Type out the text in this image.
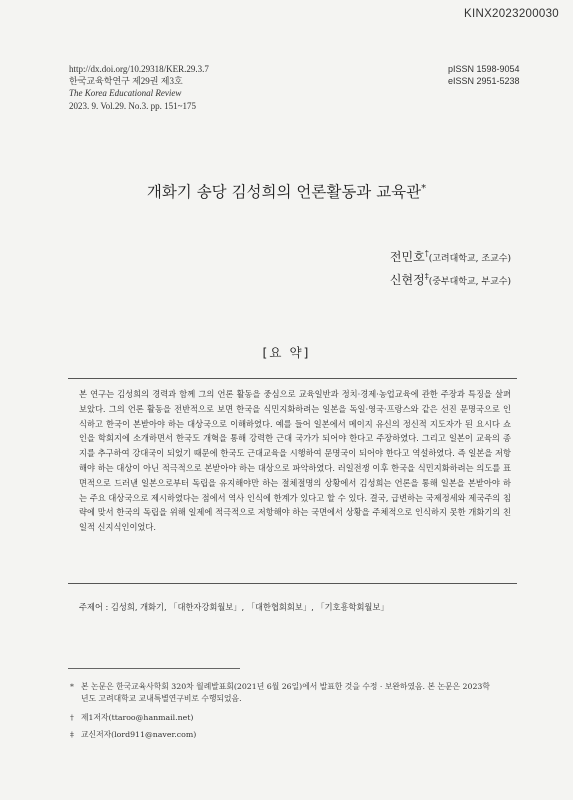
KINX2023200030
http://dx.doi.org/10.29318/KER.29.3.7
한국교육학연구 제29권 제3호
The Korea Educational Review
2023. 9. Vol.29. No.3. pp. 151~175
pISSN 1598-9054
eISSN 2951-5238
개화기 송당 김성희의 언론활동과 교육관*
전민호†(고려대학교, 조교수)
신현정‡(중부대학교, 부교수)
[요 약]
본 연구는 김성희의 경력과 함께 그의 언론 활동을 중심으로 교육일반과 정치·경제·농업교육에 관한 주장과 특징을 살펴보았다. 그의 언론 활동을 전반적으로 보면 한국을 식민지화하려는 일본을 독일·영국·프랑스와 같은 선진 문명국으로 인식하고 한국이 본받아야 하는 대상국으로 이해하였다. 예를 들어 일본에서 메이지 유신의 정신적 지도자가 된 요시다 쇼인을 학회지에 소개하면서 한국도 개혁을 통해 강력한 근대 국가가 되어야 한다고 주장하였다. 그리고 일본이 교육의 종지를 추구하여 강대국이 되었기 때문에 한국도 근대교육을 시행하여 문명국이 되어야 한다고 역설하였다. 즉 일본을 저항해야 하는 대상이 아닌 적극적으로 본받아야 하는 대상으로 파악하였다. 러일전쟁 이후 한국을 식민지화하려는 의도를 표면적으로 드러낸 일본으로부터 독립을 유지해야만 하는 절체절명의 상황에서 김성희는 언론을 통해 일본을 본받아야 하는 주요 대상국으로 제시하였다는 점에서 역사 인식에 한계가 있다고 할 수 있다. 결국, 급변하는 국제정세와 제국주의 침략에 맞서 한국의 독립을 위해 일제에 적극적으로 저항해야 하는 국면에서 상황을 주체적으로 인식하지 못한 개화기의 친일적 신지식인이었다.
주제어 : 김성희, 개화기, 「대한자강회월보」, 「대한협회회보」, 「기호흥학회월보」
* 본 논문은 한국교육사학회 320차 월례발표회(2021년 6월 26일)에서 발표한 것을 수정 · 보완하였음. 본 논문은 2023학
년도 고려대학교 교내특별연구비로 수행되었음.
† 제1저자(ttaroo@hanmail.net)
‡ 교신저자(lord911@naver.com)
